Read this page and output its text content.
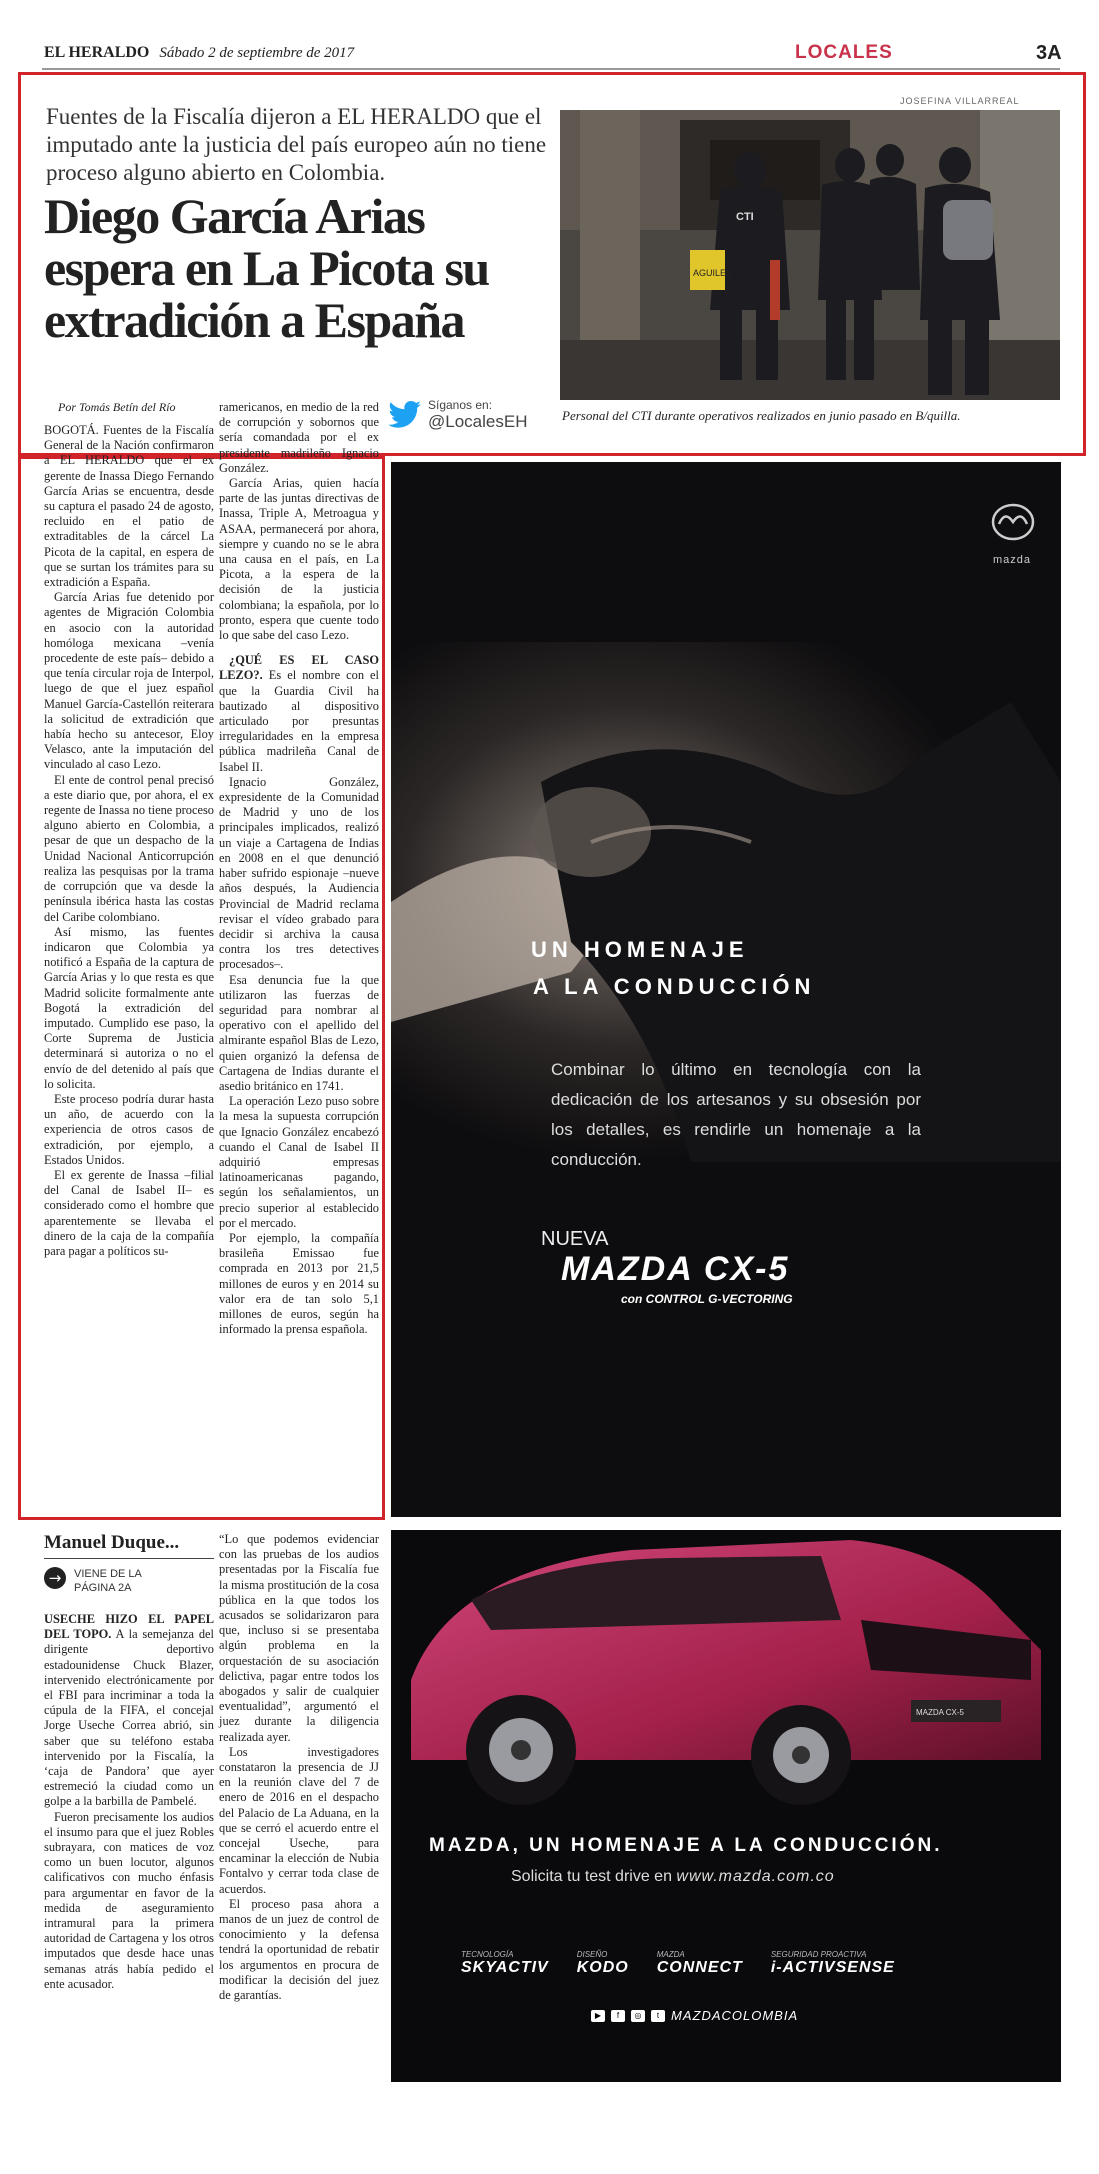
EL HERALDO Sábado 2 de septiembre de 2017	LOCALES	3A
Fuentes de la Fiscalía dijeron a EL HERALDO que el imputado ante la justicia del país europeo aún no tiene proceso alguno abierto en Colombia.
Diego García Arias espera en La Picota su extradición a España
JOSEFINA VILLARREAL
AGUILES
CTI
Personal del CTI durante operativos realizados en junio pasado en B/quilla.
Por Tomás Betín del Río	Síganos en:
@LocalesEH

BOGOTÁ. Fuentes de la Fiscalía General de la Nación confirmaron a EL HERALDO que el ex gerente de Inassa Diego Fernando García Arias se encuentra, desde su captura el pasado 24 de agosto, recluido en el patio de extraditables de la cárcel La Picota de la capital, en espera de que se surtan los trámites para su extradición a España.

García Arias fue detenido por agentes de Migración Colombia en asocio con la autoridad homóloga mexicana –venía procedente de este país– debido a que tenía circular roja de Interpol, luego de que el juez español Manuel García-Castellón reiterara la solicitud de extradición que había hecho su antecesor, Eloy Velasco, ante la imputación del vinculado al caso Lezo.

El ente de control penal precisó a este diario que, por ahora, el ex regente de Inassa no tiene proceso alguno abierto en Colombia, a pesar de que un despacho de la Unidad Nacional Anticorrupción realiza las pesquisas por la trama de corrupción que va desde la península ibérica hasta las costas del Caribe colombiano.

Así mismo, las fuentes indicaron que Colombia ya notificó a España de la captura de García Arias y lo que resta es que Madrid solicite formalmente ante Bogotá la extradición del imputado. Cumplido ese paso, la Corte Suprema de Justicia determinará si autoriza o no el envío de del detenido al país que lo solicita.

Este proceso podría durar hasta un año, de acuerdo con la experiencia de otros casos de extradición, por ejemplo, a Estados Unidos.

El ex gerente de Inassa –filial del Canal de Isabel II– es considerado como el hombre que aparentemente se llevaba el dinero de la caja de la compañía para pagar a políticos su-

ramericanos, en medio de la red de corrupción y sobornos que sería comandada por el ex presidente madrileño Ignacio González.

García Arias, quien hacía parte de las juntas directivas de Inassa, Triple A, Metroagua y ASAA, permanecerá por ahora, siempre y cuando no se le abra una causa en el país, en La Picota, a la espera de la decisión de la justicia colombiana; la española, por lo pronto, espera que cuente todo lo que sabe del caso Lezo.

¿QUÉ ES EL CASO LEZO?. Es el nombre con el que la Guardia Civil ha bautizado al dispositivo articulado por presuntas irregularidades en la empresa pública madrileña Canal de Isabel II.

Ignacio González, expresidente de la Comunidad de Madrid y uno de los principales implicados, realizó un viaje a Cartagena de Indias en 2008 en el que denunció haber sufrido espionaje –nueve años después, la Audiencia Provincial de Madrid reclama revisar el vídeo grabado para decidir si archiva la causa contra los tres detectives procesados–.

Esa denuncia fue la que utilizaron las fuerzas de seguridad para nombrar al operativo con el apellido del almirante español Blas de Lezo, quien organizó la defensa de Cartagena de Indias durante el asedio británico en 1741.

La operación Lezo puso sobre la mesa la supuesta corrupción que Ignacio González encabezó cuando el Canal de Isabel II adquirió empresas latinoamericanas pagando, según los señalamientos, un precio superior al establecido por el mercado.

Por ejemplo, la compañía brasileña Emissao fue comprada en 2013 por 21,5 millones de euros y en 2014 su valor era de tan solo 5,1 millones de euros, según ha informado la prensa española.

mazda
UN HOMENAJE
A LA CONDUCCIÓN
Combinar lo último en tecnología con la dedicación de los artesanos y su obsesión por los detalles, es rendirle un homenaje a la conducción.
NUEVA
MAZDA CX-5
con CONTROL G-VECTORING
Manuel Duque...
→	VIENE DE LA PÁGINA 2A

USECHE HIZO EL PAPEL DEL TOPO. A la semejanza del dirigente deportivo estadounidense Chuck Blazer, intervenido electrónicamente por el FBI para incriminar a toda la cúpula de la FIFA, el concejal Jorge Useche Correa abrió, sin saber que su teléfono estaba intervenido por la Fiscalía, la ‘caja de Pandora’ que ayer estremeció la ciudad como un golpe a la barbilla de Pambelé.

Fueron precisamente los audios el insumo para que el juez Robles subrayara, con matices de voz como un buen locutor, algunos calificativos con mucho énfasis para argumentar en favor de la medida de aseguramiento intramural para la primera autoridad de Cartagena y los otros imputados que desde hace unas semanas atrás había pedido el ente acusador.

“Lo que podemos evidenciar con las pruebas de los audios presentadas por la Fiscalía fue la misma prostitución de la cosa pública en la que todos los acusados se solidarizaron para que, incluso si se presentaba algún problema en la orquestación de su asociación delictiva, pagar entre todos los abogados y salir de cualquier eventualidad”, argumentó el juez durante la diligencia realizada ayer.

Los investigadores constataron la presencia de JJ en la reunión clave del 7 de enero de 2016 en el despacho del Palacio de La Aduana, en la que se cerró el acuerdo entre el concejal Useche, para encaminar la elección de Nubia Fontalvo y cerrar toda clase de acuerdos.

El proceso pasa ahora a manos de un juez de control de conocimiento y la defensa tendrá la oportunidad de rebatir los argumentos en procura de modificar la decisión del juez de garantías.

MAZDA CX-5
MAZDA, UN HOMENAJE A LA CONDUCCIÓN.
Solicita tu test drive en www.mazda.com.co
TECNOLOGÍA
SKYACTIV
DISEÑO
KODO
MAZDA
CONNECT
SEGURIDAD PROACTIVA
i-ACTIVSENSE
▶	f	◎	t MAZDACOLOMBIA
